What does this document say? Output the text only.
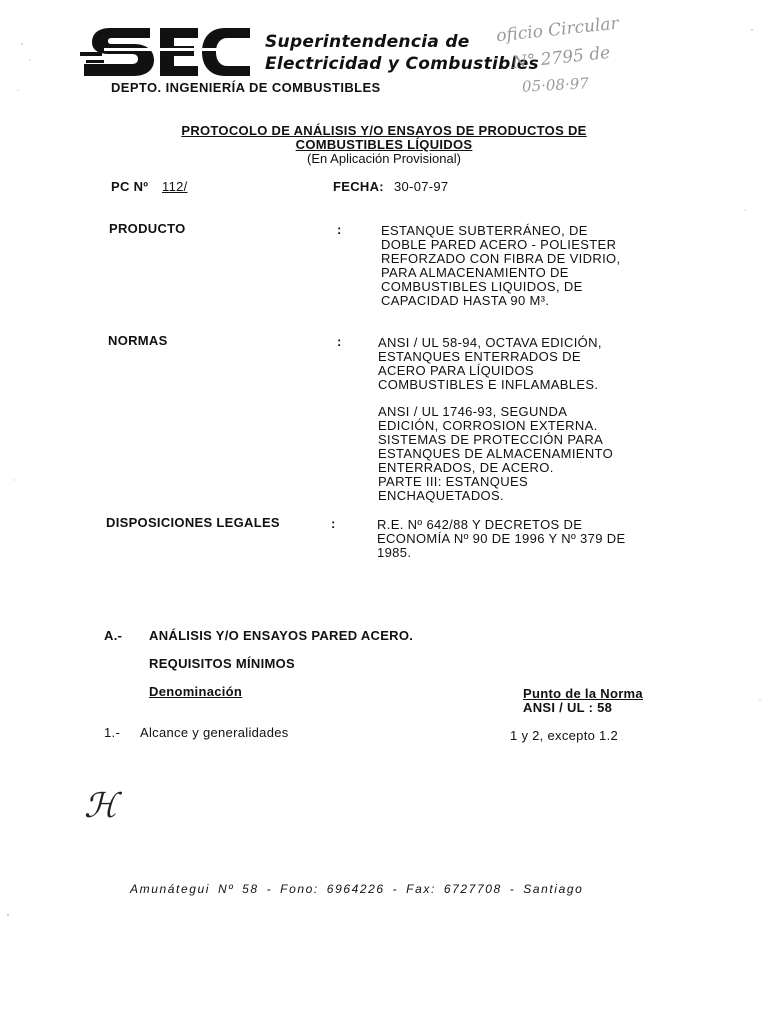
Superintendencia de
Electricidad y Combustibles
DEPTO. INGENIERÍA DE COMBUSTIBLES
oficio Circular
N° 2795 de
05·08·97
PROTOCOLO DE ANÁLISIS Y/O ENSAYOS DE PRODUCTOS DE
COMBUSTIBLES LÍQUIDOS
(En Aplicación Provisional)
PC Nº 112/	FECHA: 30-07-97
PRODUCTO	:	ESTANQUE SUBTERRÁNEO, DE
DOBLE PARED ACERO - POLIESTER
REFORZADO CON FIBRA DE VIDRIO,
PARA ALMACENAMIENTO DE
COMBUSTIBLES LIQUIDOS, DE
CAPACIDAD HASTA 90 M³.
NORMAS	:	ANSI / UL 58-94, OCTAVA EDICIÓN,
ESTANQUES ENTERRADOS DE
ACERO PARA LÍQUIDOS
COMBUSTIBLES E INFLAMABLES.
ANSI / UL 1746-93, SEGUNDA
EDICIÓN, CORROSION EXTERNA.
SISTEMAS DE PROTECCIÓN PARA
ESTANQUES DE ALMACENAMIENTO
ENTERRADOS, DE ACERO.
PARTE III: ESTANQUES
ENCHAQUETADOS.
DISPOSICIONES LEGALES	:	R.E. Nº 642/88 Y DECRETOS DE
ECONOMÍA Nº 90 DE 1996 Y Nº 379 DE
1985.
A.- ANÁLISIS Y/O ENSAYOS PARED ACERO.
REQUISITOS MÍNIMOS
Denominación	Punto de la Norma
ANSI / UL : 58
1.- Alcance y generalidades	1 y 2, excepto 1.2
ℋ
Amunátegui Nº 58 - Fono: 6964226 - Fax: 6727708 - Santiago
